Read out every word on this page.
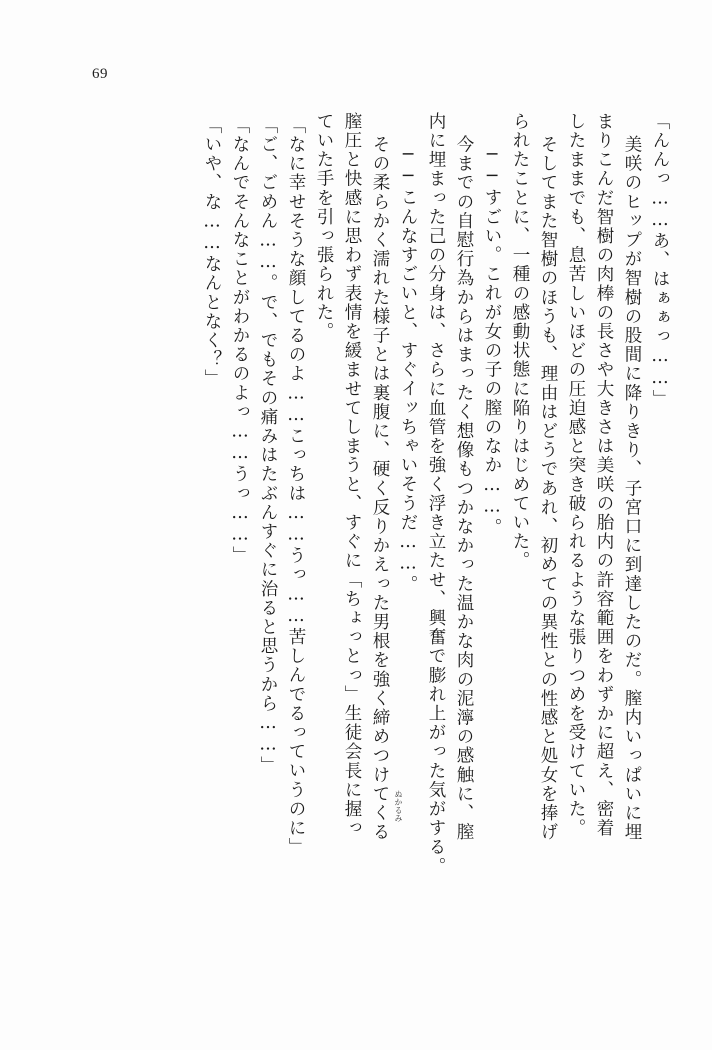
69
「んんっ……あ、はぁぁっ……」
　美咲のヒップが智樹の股間に降りきり、子宮口に到達したのだ。膣内いっぱいに埋
まりこんだ智樹の肉棒の長さや大きさは美咲の胎内の許容範囲をわずかに超え、密着
したままでも、息苦しいほどの圧迫感と突き破られるような張りつめを受けていた。
　そしてまた智樹のほうも、理由はどうであれ、初めての異性との性感と処女を捧げ
られたことに、一種の感動状態に陥りはじめていた。
　──すごい。これが女の子の膣のなか……。
　今までの自慰行為からはまったく想像もつかなかった温かな肉の泥濘の感触に、膣
内に埋まった己の分身は、さらに血管を強く浮き立たせ、興奮で膨れ上がった気がする。
　──こんなすごいと、すぐイッちゃいそうだ……。
　その柔らかく濡れた様子とは裏腹に、硬く反りかえった男根を強く締めつけてくる
膣圧と快感に思わず表情を緩ませてしまうと、すぐに「ちょっとっ」生徒会長に握っ
ていた手を引っ張られた。
「なに幸せそうな顔してるのよ……こっちは……うっ……苦しんでるっていうのに」
「ご、ごめん……。で、でもその痛みはたぶんすぐに治ると思うから……」
「なんでそんなことがわかるのよっ……うっ……」
「いや、な……なんとなく？」
ぬかるみ
